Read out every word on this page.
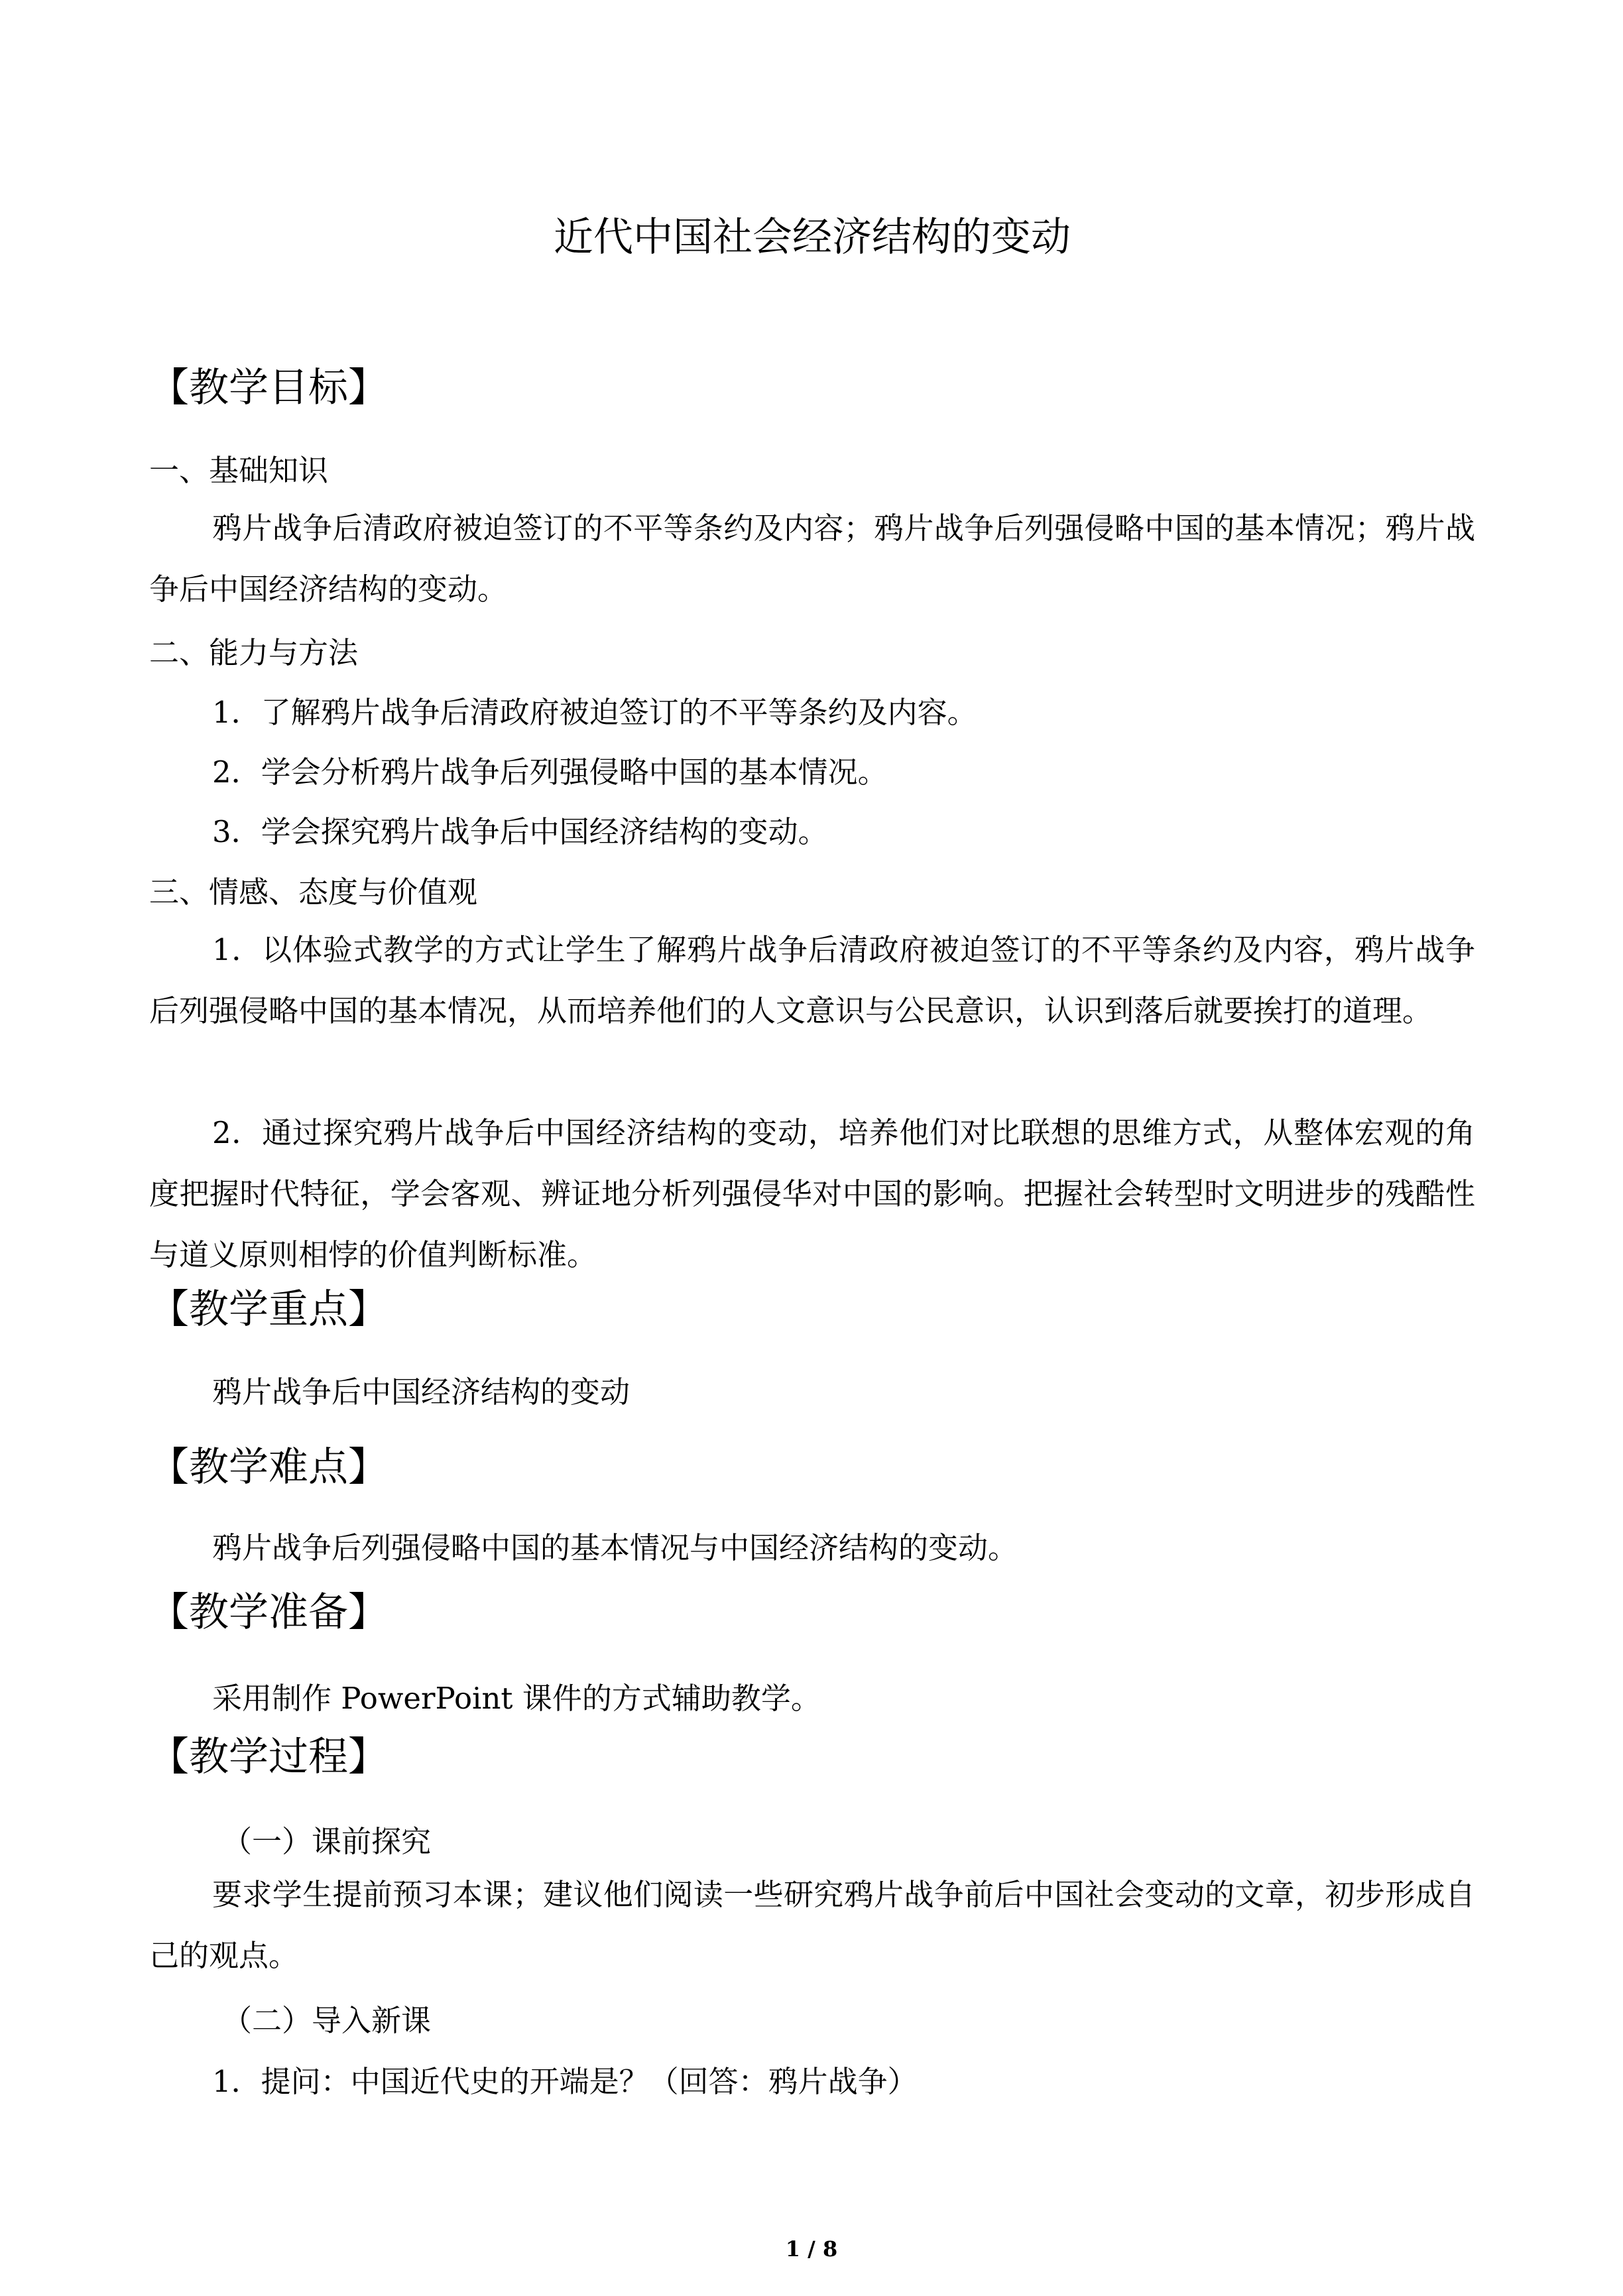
近代中国社会经济结构的变动
【教学目标】
一、基础知识
鸦片战争后清政府被迫签订的不平等条约及内容；鸦片战争后列强侵略中国的基本情况；鸦片战争后中国经济结构的变动。
二、能力与方法
1．了解鸦片战争后清政府被迫签订的不平等条约及内容。
2．学会分析鸦片战争后列强侵略中国的基本情况。
3．学会探究鸦片战争后中国经济结构的变动。
三、情感、态度与价值观
1．以体验式教学的方式让学生了解鸦片战争后清政府被迫签订的不平等条约及内容，鸦片战争后列强侵略中国的基本情况，从而培养他们的人文意识与公民意识，认识到落后就要挨打的道理。
2．通过探究鸦片战争后中国经济结构的变动，培养他们对比联想的思维方式，从整体宏观的角度把握时代特征，学会客观、辨证地分析列强侵华对中国的影响。把握社会转型时文明进步的残酷性与道义原则相悖的价值判断标准。
【教学重点】
鸦片战争后中国经济结构的变动
【教学难点】
鸦片战争后列强侵略中国的基本情况与中国经济结构的变动。
【教学准备】
采用制作 PowerPoint 课件的方式辅助教学。
【教学过程】
（一）课前探究
要求学生提前预习本课；建议他们阅读一些研究鸦片战争前后中国社会变动的文章，初步形成自己的观点。
（二）导入新课
1．提问：中国近代史的开端是？（回答：鸦片战争）
1 / 8
